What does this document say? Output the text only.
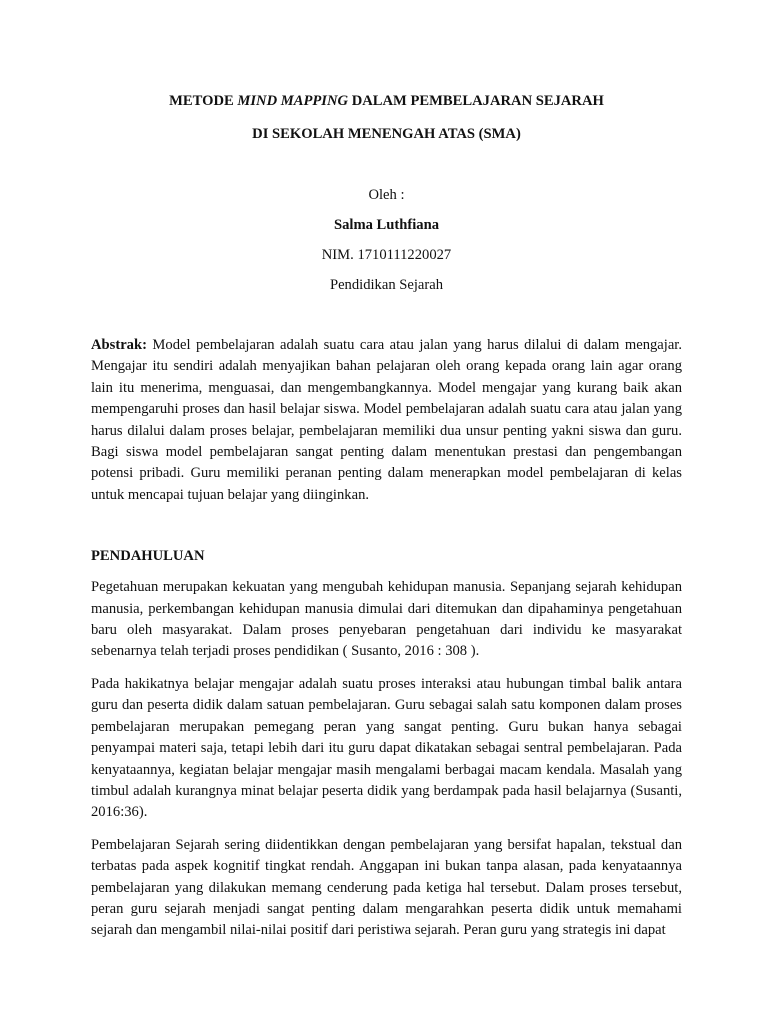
METODE MIND MAPPING DALAM PEMBELAJARAN SEJARAH

DI SEKOLAH MENENGAH ATAS (SMA)

Oleh :

Salma Luthfiana

NIM. 1710111220027

Pendidikan Sejarah

Abstrak: Model pembelajaran adalah suatu cara atau jalan yang harus dilalui di dalam mengajar. Mengajar itu sendiri adalah menyajikan bahan pelajaran oleh orang kepada orang lain agar orang lain itu menerima, menguasai, dan mengembangkannya. Model mengajar yang kurang baik akan mempengaruhi proses dan hasil belajar siswa. Model pembelajaran adalah suatu cara atau jalan yang harus dilalui dalam proses belajar, pembelajaran memiliki dua unsur penting yakni siswa dan guru. Bagi siswa model pembelajaran sangat penting dalam menentukan prestasi dan pengembangan potensi pribadi. Guru memiliki peranan penting dalam menerapkan model pembelajaran di kelas untuk mencapai tujuan belajar yang diinginkan.

PENDAHULUAN

Pegetahuan merupakan kekuatan yang mengubah kehidupan manusia. Sepanjang sejarah kehidupan manusia, perkembangan kehidupan manusia dimulai dari ditemukan dan dipahaminya pengetahuan baru oleh masyarakat. Dalam proses penyebaran pengetahuan dari individu ke masyarakat sebenarnya telah terjadi proses pendidikan ( Susanto, 2016 : 308 ).

Pada hakikatnya belajar mengajar adalah suatu proses interaksi atau hubungan timbal balik antara guru dan peserta didik dalam satuan pembelajaran. Guru sebagai salah satu komponen dalam proses pembelajaran merupakan pemegang peran yang sangat penting. Guru bukan hanya sebagai penyampai materi saja, tetapi lebih dari itu guru dapat dikatakan sebagai sentral pembelajaran. Pada kenyataannya, kegiatan belajar mengajar masih mengalami berbagai macam kendala. Masalah yang timbul adalah kurangnya minat belajar peserta didik yang berdampak pada hasil belajarnya (Susanti, 2016:36).

Pembelajaran Sejarah sering diidentikkan dengan pembelajaran yang bersifat hapalan, tekstual dan terbatas pada aspek kognitif tingkat rendah. Anggapan ini bukan tanpa alasan, pada kenyataannya pembelajaran yang dilakukan memang cenderung pada ketiga hal tersebut. Dalam proses tersebut, peran guru sejarah menjadi sangat penting dalam mengarahkan peserta didik untuk memahami sejarah dan mengambil nilai-nilai positif dari peristiwa sejarah. Peran guru yang strategis ini dapat
